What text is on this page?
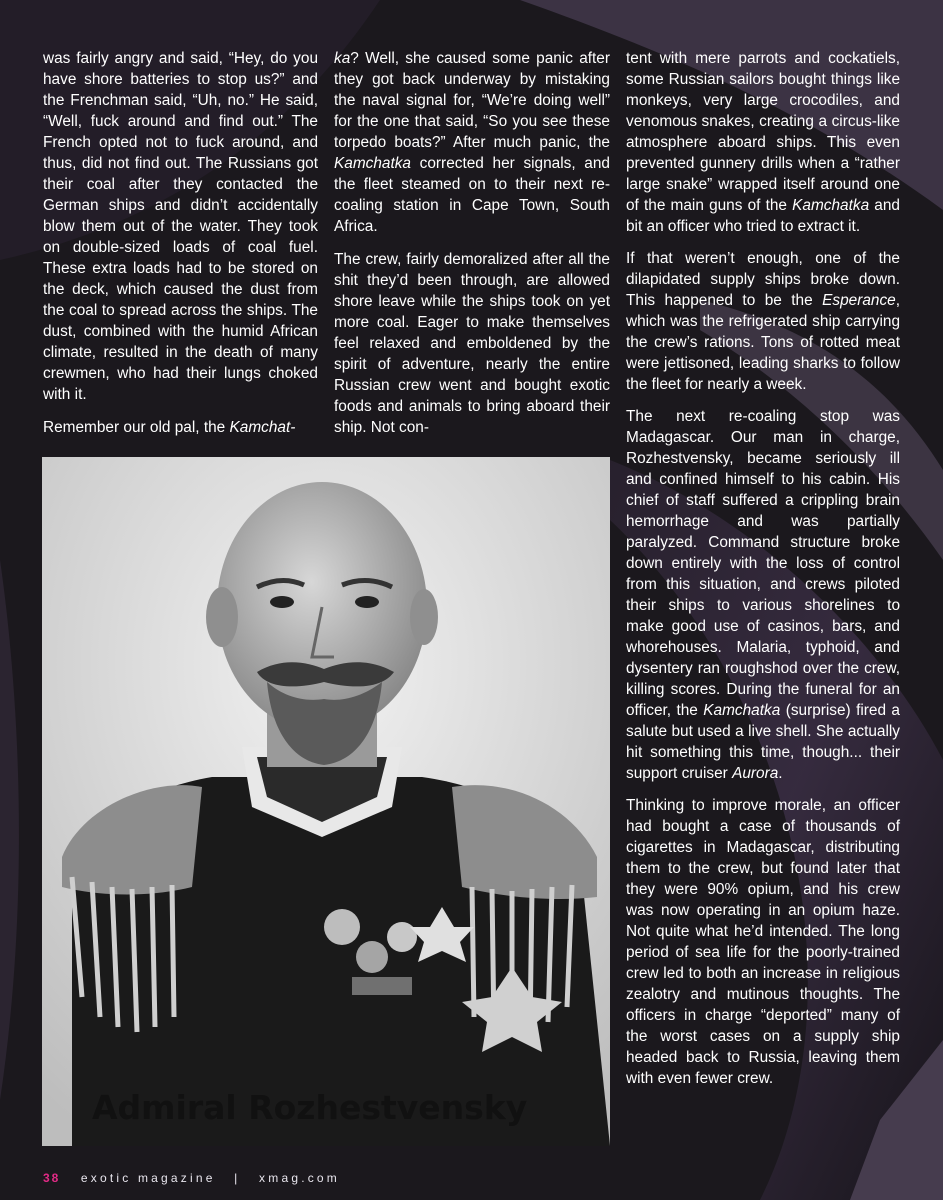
was fairly angry and said, “Hey, do you have shore batteries to stop us?” and the Frenchman said, “Uh, no.” He said, “Well, fuck around and find out.” The French opted not to fuck around, and thus, did not find out. The Russians got their coal after they contacted the German ships and didn’t accidentally blow them out of the water. They took on double-sized loads of coal fuel. These extra loads had to be stored on the deck, which caused the dust from the coal to spread across the ships. The dust, combined with the humid African climate, resulted in the death of many crewmen, who had their lungs choked with it.

Remember our old pal, the Kamchat-

ka? Well, she caused some panic after they got back underway by mistaking the naval signal for, “We’re doing well” for the one that said, “So you see these torpedo boats?” After much panic, the Kamchatka corrected her signals, and the fleet steamed on to their next re-coaling station in Cape Town, South Africa.

The crew, fairly demoralized after all the shit they’d been through, are allowed shore leave while the ships took on yet more coal. Eager to make themselves feel relaxed and emboldened by the spirit of adventure, nearly the entire Russian crew went and bought exotic foods and animals to bring aboard their ship. Not con-

tent with mere parrots and cockatiels, some Russian sailors bought things like monkeys, very large crocodiles, and venomous snakes, creating a circus-like atmosphere aboard ships. This even prevented gunnery drills when a “rather large snake” wrapped itself around one of the main guns of the Kamchatka and bit an officer who tried to extract it.

If that weren’t enough, one of the dilapidated supply ships broke down. This happened to be the Esperance, which was the refrigerated ship carrying the crew’s rations. Tons of rotted meat were jettisoned, leading sharks to follow the fleet for nearly a week.

The next re-coaling stop was Madagascar. Our man in charge, Rozhestvensky, became seriously ill and confined himself to his cabin. His chief of staff suffered a crippling brain hemorrhage and was partially paralyzed. Command structure broke down entirely with the loss of control from this situation, and crews piloted their ships to various shorelines to make good use of casinos, bars, and whorehouses. Malaria, typhoid, and dysentery ran roughshod over the crew, killing scores. During the funeral for an officer, the Kamchatka (surprise) fired a salute but used a live shell. She actually hit something this time, though... their support cruiser Aurora.

Thinking to improve morale, an officer had bought a case of thousands of cigarettes in Madagascar, distributing them to the crew, but found later that they were 90% opium, and his crew was now operating in an opium haze. Not quite what he’d intended. The long period of sea life for the poorly-trained crew led to both an increase in religious zealotry and mutinous thoughts. The officers in charge “deported” many of the worst cases on a supply ship headed back to Russia, leaving them with even fewer crew.

Admiral Rozhestvensky
38 exotic magazine | xmag.com
